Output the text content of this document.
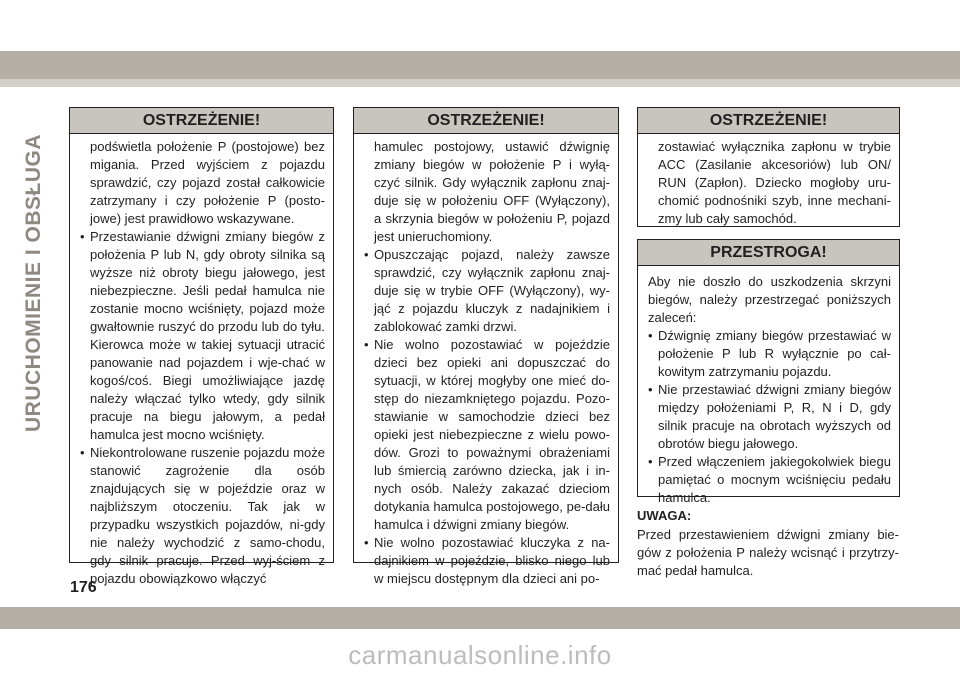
URUCHOMIENIE I OBSŁUGA
OSTRZEŻENIE!

podświetla położenie P (postojowe) bez migania. Przed wyjściem z pojazdu sprawdzić, czy pojazd został całkowicie zatrzymany i czy położenie P (posto-jowe) jest prawidłowo wskazywane.

• Przestawianie dźwigni zmiany biegów z położenia P lub N, gdy obroty silnika są wyższe niż obroty biegu jałowego, jest niebezpieczne. Jeśli pedał hamulca nie zostanie mocno wciśnięty, pojazd może gwałtownie ruszyć do przodu lub do tyłu. Kierowca może w takiej sytuacji utracić panowanie nad pojazdem i wje-chać w kogoś/coś. Biegi umożliwiające jazdę należy włączać tylko wtedy, gdy silnik pracuje na biegu jałowym, a pedał hamulca jest mocno wciśnięty.

• Niekontrolowane ruszenie pojazdu może stanowić zagrożenie dla osób znajdujących się w pojeździe oraz w najbliższym otoczeniu. Tak jak w przypadku wszystkich pojazdów, ni-gdy nie należy wychodzić z samo-chodu, gdy silnik pracuje. Przed wyj-ściem z pojazdu obowiązkowo włączyć

OSTRZEŻENIE!

hamulec postojowy, ustawić dźwignię zmiany biegów w położenie P i wyłą-czyć silnik. Gdy wyłącznik zapłonu znaj-duje się w położeniu OFF (Wyłączony), a skrzynia biegów w położeniu P, pojazd jest unieruchomiony.

• Opuszczając pojazd, należy zawsze sprawdzić, czy wyłącznik zapłonu znaj-duje się w trybie OFF (Wyłączony), wy-jąć z pojazdu kluczyk z nadajnikiem i zablokować zamki drzwi.

• Nie wolno pozostawiać w pojeździe dzieci bez opieki ani dopuszczać do sytuacji, w której mogłyby one mieć do-stęp do niezamkniętego pojazdu. Pozo-stawianie w samochodzie dzieci bez opieki jest niebezpieczne z wielu powo-dów. Grozi to poważnymi obrażeniami lub śmiercią zarówno dziecka, jak i in-nych osób. Należy zakazać dzieciom dotykania hamulca postojowego, pe-dału hamulca i dźwigni zmiany biegów.

• Nie wolno pozostawiać kluczyka z na-dajnikiem w pojeździe, blisko niego lub w miejscu dostępnym dla dzieci ani po-

OSTRZEŻENIE!

zostawiać wyłącznika zapłonu w trybie ACC (Zasilanie akcesoriów) lub ON/ RUN (Zapłon). Dziecko mogłoby uru-chomić podnośniki szyb, inne mechani-zmy lub cały samochód.

PRZESTROGA!

Aby nie doszło do uszkodzenia skrzyni biegów, należy przestrzegać poniższych zaleceń:

• Dźwignię zmiany biegów przestawiać w położenie P lub R wyłącznie po cał-kowitym zatrzymaniu pojazdu.

• Nie przestawiać dźwigni zmiany biegów między położeniami P, R, N i D, gdy silnik pracuje na obrotach wyższych od obrotów biegu jałowego.

• Przed włączeniem jakiegokolwiek biegu pamiętać o mocnym wciśnięciu pedału hamulca.

UWAGA:
Przed przestawieniem dźwigni zmiany bie-gów z położenia P należy wcisnąć i przytrzy-mać pedał hamulca.
176
carmanualsonline.info
